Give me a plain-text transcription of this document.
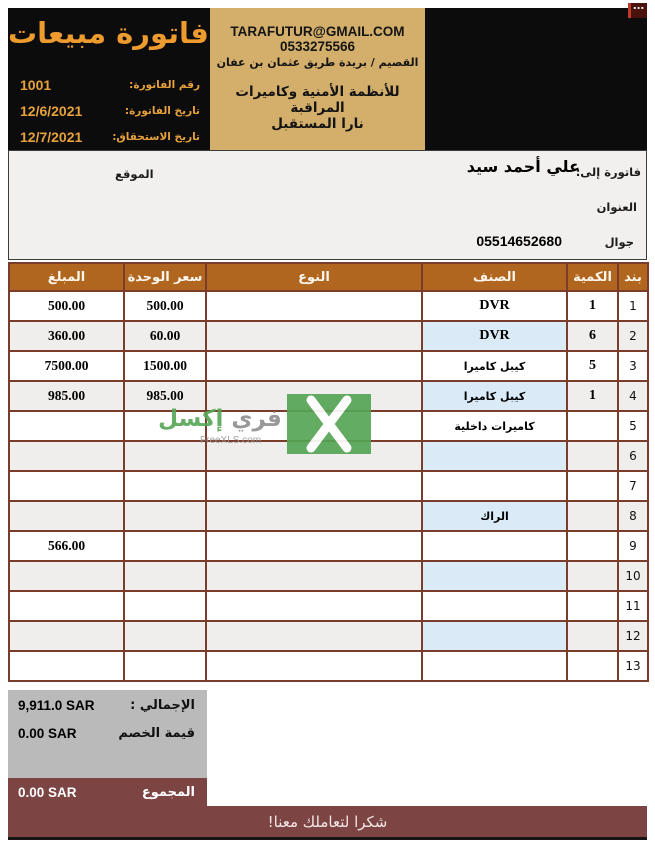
فاتورة مبيعات
رقم الفاتورة:
1001
تاريخ الفاتورة:
12/6/2021
تاريخ الاستحقاق:
12/7/2021
TARAFUTUR@GMAIL.COM
0533275566
القصيم / بريدة طريق عثمان بن عفان
للأنظمة الأمنية وكاميرات المراقبة
نارا المستقبل
▪▪▪
فاتورة إلى:
علي أحمد سيد
العنوان
جوال
05514652680
الموقع
بند	الكمية	الصنف	النوع	سعر الوحدة	المبلغ
1	1	DVR		500.00	500.00
2	6	DVR		60.00	360.00
3	5	كيبل كاميرا		1500.00	7500.00
4	1	كيبل كاميرا		985.00	985.00
5		كاميرات داخلية			
6					
7					
8		الراك			
9					566.00
10					
11					
12					
13					
فري إكسل
FreeXLS.com
الإجمالي :
9,911.0 SAR
قيمة الخصم
0.00 SAR
المجموع
0.00 SAR
شكرا لتعاملك معنا!
